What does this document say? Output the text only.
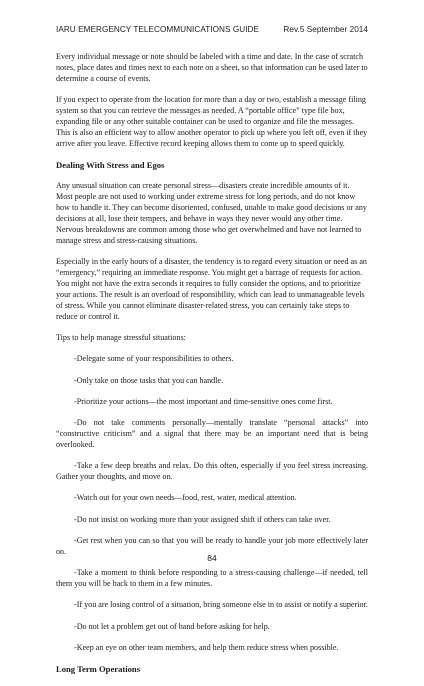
IARU EMERGENCY TELECOMMUNICATIONS GUIDE	Rev.5 September 2014

Every individual message or note should be labeled with a time and date. In the case of scratch notes, place dates and times next to each note on a sheet, so that information can be used later to determine a course of events.

If you expect to operate from the location for more than a day or two, establish a message filing system so that you can retrieve the messages as needed. A “portable office” type file box, expanding file or any other suitable container can be used to organize and file the messages. This is also an efficient way to allow another operator to pick up where you left off, even if they arrive after you leave. Effective record keeping allows them to come up to speed quickly.

Dealing With Stress and Egos

Any unusual situation can create personal stress—disasters create incredible amounts of it. Most people are not used to working under extreme stress for long periods, and do not know how to handle it. They can become disoriented, confused, unable to make good decisions or any decisions at all, lose their tempers, and behave in ways they never would any other time. Nervous breakdowns are common among those who get overwhelmed and have not learned to manage stress and stress-causing situations.

Especially in the early hours of a disaster, the tendency is to regard every situation or need as an “emergency,” requiring an immediate response. You might get a barrage of requests for action. You might not have the extra seconds it requires to fully consider the options, and to prioritize your actions. The result is an overload of responsibility, which can lead to unmanageable levels of stress. While you cannot eliminate disaster-related stress, you can certainly take steps to reduce or control it.

Tips to help manage stressful situations:

-Delegate some of your responsibilities to others.

-Only take on those tasks that you can handle.

-Prioritize your actions—the most important and time-sensitive ones come first.

-Do not take comments personally—mentally translate “personal attacks” into “constructive criticism” and a signal that there may be an important need that is being overlooked.

-Take a few deep breaths and relax. Do this often, especially if you feel stress increasing. Gather your thoughts, and move on.

-Watch out for your own needs—food, rest, water, medical attention.

-Do not insist on working more than your assigned shift if others can take over.

-Get rest when you can so that you will be ready to handle your job more effectively later on.

-Take a moment to think before responding to a stress-causing challenge—if needed, tell them you will be back to them in a few minutes.

-If you are losing control of a situation, bring someone else in to assist or notify a superior.

-Do not let a problem get out of hand before asking for help.

-Keep an eye on other team members, and help them reduce stress when possible.

Long Term Operations
84
